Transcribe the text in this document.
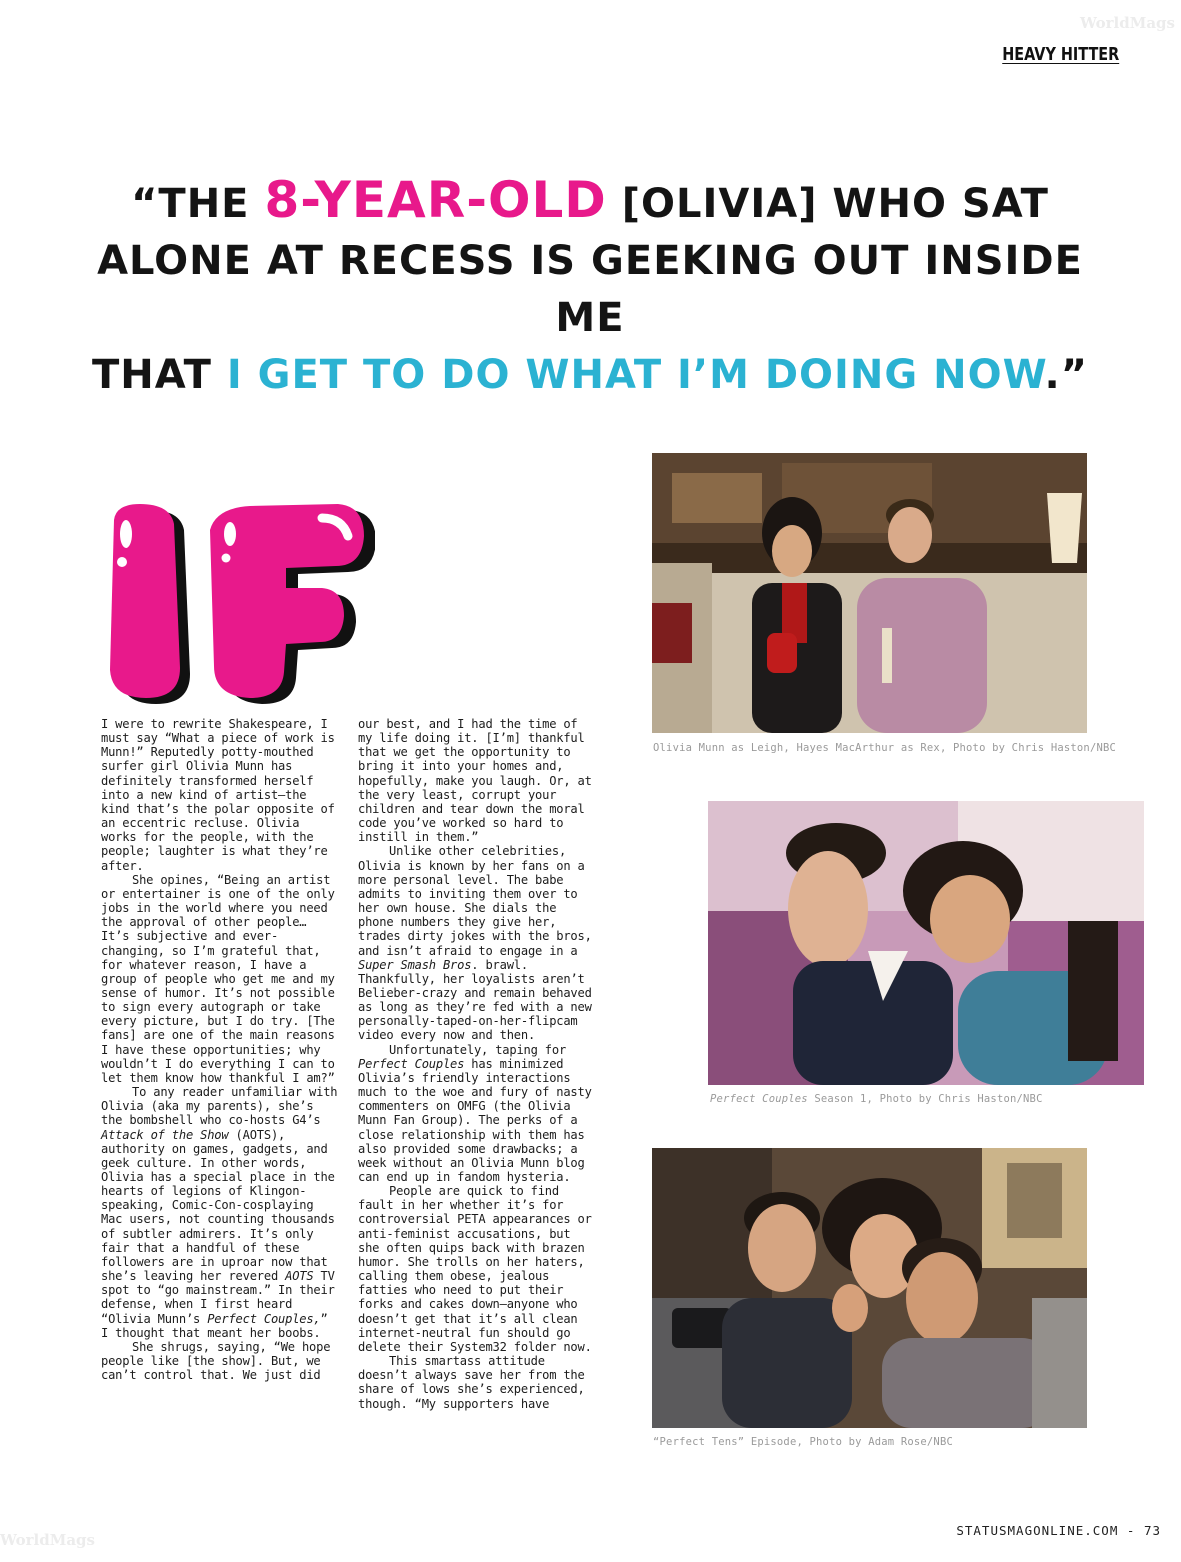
WorldMags
WorldMags
HEAVY HITTER
“THE 8-YEAR-OLD [OLIVIA] WHO SAT
ALONE AT RECESS IS GEEKING OUT INSIDE ME
THAT I GET TO DO WHAT I’M DOING NOW.”

I were to rewrite Shakespeare, I must say “What a piece of work is Munn!” Reputedly potty-mouthed surfer girl Olivia Munn has definitely transformed herself into a new kind of artist—the kind that’s the polar opposite of an eccentric recluse. Olivia works for the people, with the people; laughter is what they’re after.

She opines, “Being an artist or entertainer is one of the only jobs in the world where you need the approval of other people… It’s subjective and ever-changing, so I’m grateful that, for whatever reason, I have a group of people who get me and my sense of humor. It’s not possible to sign every autograph or take every picture, but I do try. [The fans] are one of the main reasons I have these opportunities; why wouldn’t I do everything I can to let them know how thankful I am?”

To any reader unfamiliar with Olivia (aka my parents), she’s the bombshell who co-hosts G4’s Attack of the Show (AOTS), authority on games, gadgets, and geek culture. In other words, Olivia has a special place in the hearts of legions of Klingon-speaking, Comic-Con-cosplaying Mac users, not counting thousands of subtler admirers. It’s only fair that a handful of these followers are in uproar now that she’s leaving her revered AOTS TV spot to “go mainstream.” In their defense, when I first heard “Olivia Munn’s Perfect Couples,” I thought that meant her boobs.

She shrugs, saying, “We hope people like [the show]. But, we can’t control that. We just did

our best, and I had the time of my life doing it. [I’m] thankful that we get the opportunity to bring it into your homes and, hopefully, make you laugh. Or, at the very least, corrupt your children and tear down the moral code you’ve worked so hard to instill in them.”

Unlike other celebrities, Olivia is known by her fans on a more personal level. The babe admits to inviting them over to her own house. She dials the phone numbers they give her, trades dirty jokes with the bros, and isn’t afraid to engage in a Super Smash Bros. brawl. Thankfully, her loyalists aren’t Belieber-crazy and remain behaved as long as they’re fed with a new personally-taped-on-her-flipcam video every now and then.

Unfortunately, taping for Perfect Couples has minimized Olivia’s friendly interactions much to the woe and fury of nasty commenters on OMFG (the Olivia Munn Fan Group). The perks of a close relationship with them has also provided some drawbacks; a week without an Olivia Munn blog can end up in fandom hysteria.

People are quick to find fault in her whether it’s for controversial PETA appearances or anti-feminist accusations, but she often quips back with brazen humor. She trolls on her haters, calling them obese, jealous fatties who need to put their forks and cakes down—anyone who doesn’t get that it’s all clean internet-neutral fun should go delete their System32 folder now.

This smartass attitude doesn’t always save her from the share of lows she’s experienced, though. “My supporters have

Olivia Munn as Leigh, Hayes MacArthur as Rex, Photo by Chris Haston/NBC
Perfect Couples Season 1, Photo by Chris Haston/NBC
“Perfect Tens” Episode, Photo by Adam Rose/NBC
STATUSMAGONLINE.COM - 73
